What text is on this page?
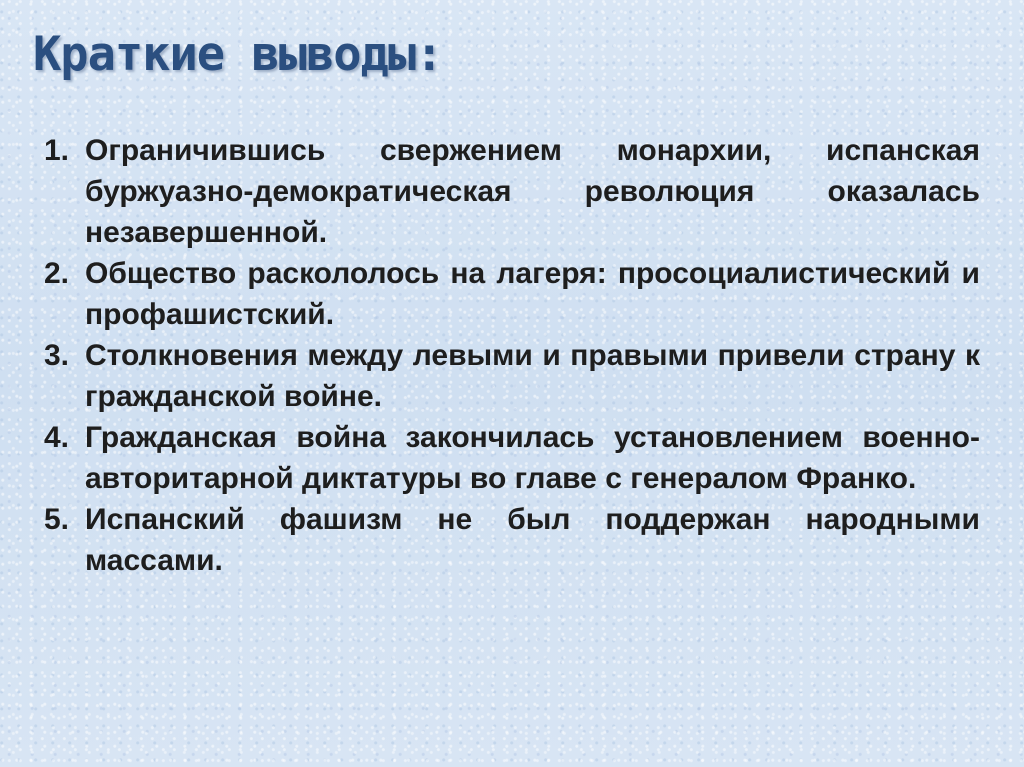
Краткие выводы:
1. Ограничившись свержением монархии, испанская буржуазно-демократическая революция оказалась незавершенной.
2. Общество раскололось на лагеря: просоциалистический и профашистский.
3. Столкновения между левыми и правыми привели страну к гражданской войне.
4. Гражданская война закончилась установлением военно-авторитарной диктатуры во главе с генералом Франко.
5. Испанский фашизм не был поддержан народными массами.
